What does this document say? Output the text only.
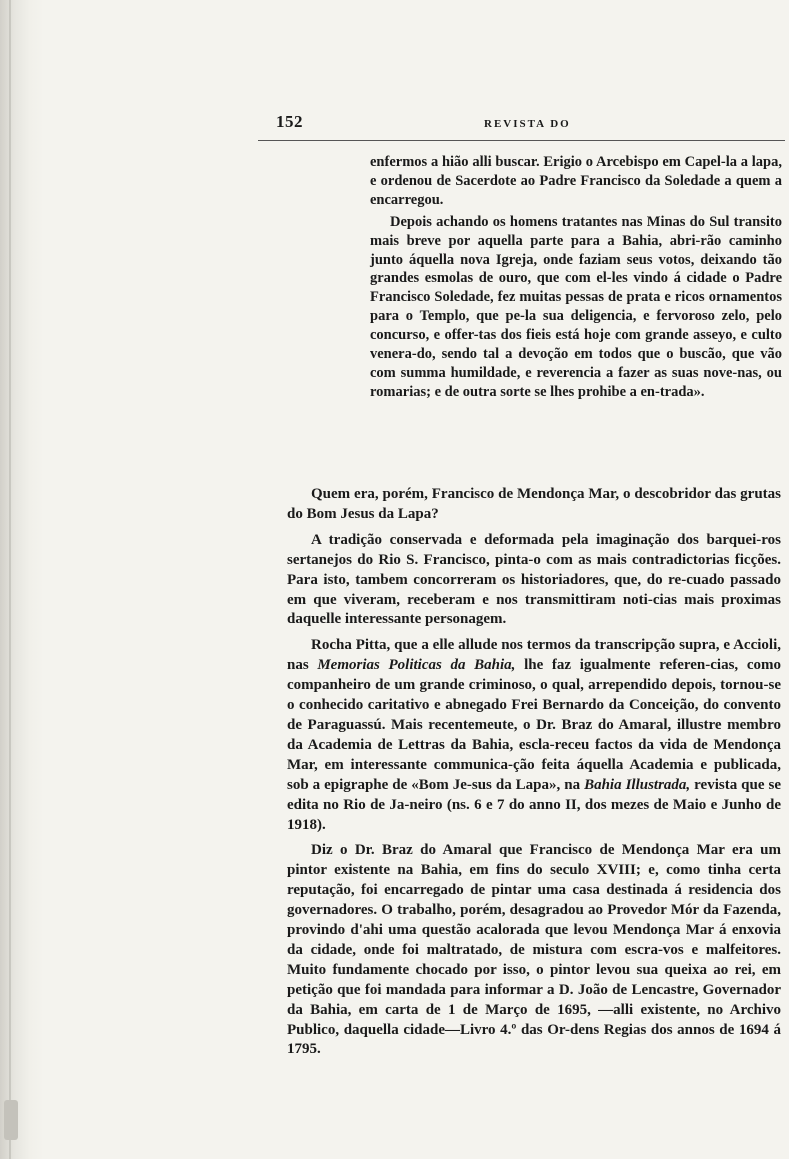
152	REVISTA DO

enfermos a hião alli buscar. Erigio o Arcebispo em Capel-la a lapa, e ordenou de Sacerdote ao Padre Francisco da Soledade a quem a encarregou.

Depois achando os homens tratantes nas Minas do Sul transito mais breve por aquella parte para a Bahia, abri-rão caminho junto áquella nova Igreja, onde faziam seus votos, deixando tão grandes esmolas de ouro, que com el-les vindo á cidade o Padre Francisco Soledade, fez muitas pessas de prata e ricos ornamentos para o Templo, que pe-la sua deligencia, e fervoroso zelo, pelo concurso, e offer-tas dos fieis está hoje com grande asseyo, e culto venera-do, sendo tal a devoção em todos que o buscão, que vão com summa humildade, e reverencia a fazer as suas nove-nas, ou romarias; e de outra sorte se lhes prohibe a en-trada».

Quem era, porém, Francisco de Mendonça Mar, o descobridor das grutas do Bom Jesus da Lapa?

A tradição conservada e deformada pela imaginação dos barquei-ros sertanejos do Rio S. Francisco, pinta-o com as mais contradictorias ficções. Para isto, tambem concorreram os historiadores, que, do re-cuado passado em que viveram, receberam e nos transmittiram noti-cias mais proximas daquelle interessante personagem.

Rocha Pitta, que a elle allude nos termos da transcripção supra, e Accioli, nas Memorias Politicas da Bahia, lhe faz igualmente referen-cias, como companheiro de um grande criminoso, o qual, arrependido depois, tornou-se o conhecido caritativo e abnegado Frei Bernardo da Conceição, do convento de Paraguassú. Mais recentemeute, o Dr. Braz do Amaral, illustre membro da Academia de Lettras da Bahia, escla-receu factos da vida de Mendonça Mar, em interessante communica-ção feita áquella Academia e publicada, sob a epigraphe de «Bom Je-sus da Lapa», na Bahia Illustrada, revista que se edita no Rio de Ja-neiro (ns. 6 e 7 do anno II, dos mezes de Maio e Junho de 1918).

Diz o Dr. Braz do Amaral que Francisco de Mendonça Mar era um pintor existente na Bahia, em fins do seculo XVIII; e, como tinha certa reputação, foi encarregado de pintar uma casa destinada á residencia dos governadores. O trabalho, porém, desagradou ao Provedor Mór da Fazenda, provindo d'ahi uma questão acalorada que levou Mendonça Mar á enxovia da cidade, onde foi maltratado, de mistura com escra-vos e malfeitores. Muito fundamente chocado por isso, o pintor levou sua queixa ao rei, em petição que foi mandada para informar a D. João de Lencastre, Governador da Bahia, em carta de 1 de Março de 1695, —alli existente, no Archivo Publico, daquella cidade—Livro 4.º das Or-dens Regias dos annos de 1694 á 1795.
